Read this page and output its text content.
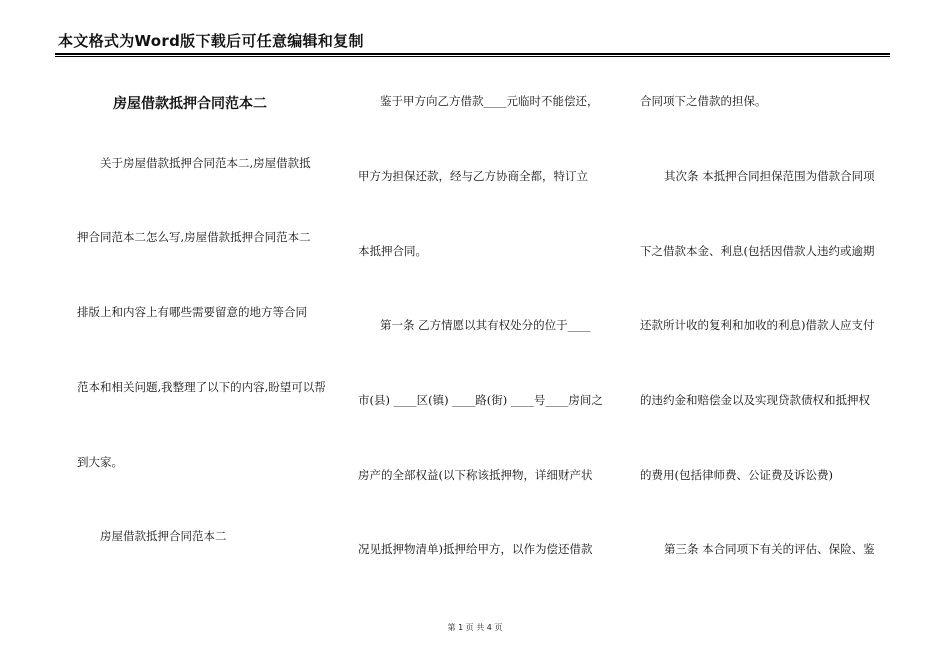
本文格式为Word版下载后可任意编辑和复制
房屋借款抵押合同范本二
关于房屋借款抵押合同范本二,房屋借款抵
押合同范本二怎么写,房屋借款抵押合同范本二
排版上和内容上有哪些需要留意的地方等合同
范本和相关问题,我整理了以下的内容,盼望可以帮
到大家。
房屋借款抵押合同范本二
鉴于甲方向乙方借款____元临时不能偿还，
甲方为担保还款，经与乙方协商全都，特订立
本抵押合同。
第一条 乙方情愿以其有权处分的位于____
市(县) ____区(镇) ____路(街) ____号____房间之
房产的全部权益(以下称该抵押物，详细财产状
况见抵押物清单)抵押给甲方，以作为偿还借款
合同项下之借款的担保。
其次条 本抵押合同担保范围为借款合同项
下之借款本金、利息(包括因借款人违约或逾期
还款所计收的复利和加收的利息)借款人应支付
的违约金和赔偿金以及实现贷款债权和抵押权
的费用(包括律师费、公证费及诉讼费)
第三条 本合同项下有关的评估、保险、鉴
第 1 页 共 4 页
